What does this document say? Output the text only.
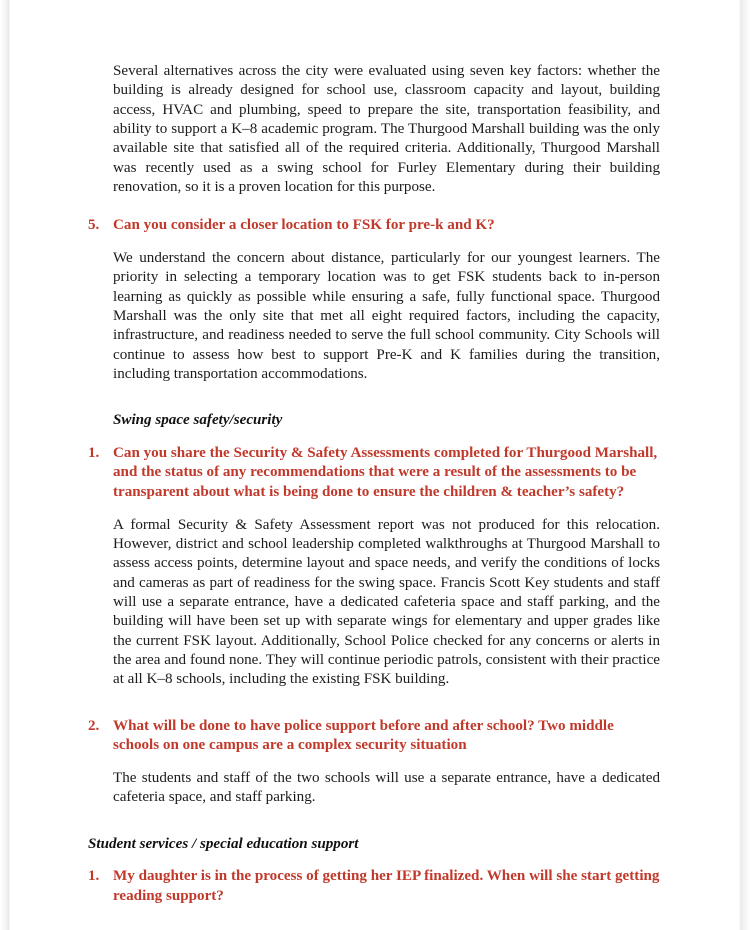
Several alternatives across the city were evaluated using seven key factors: whether the building is already designed for school use, classroom capacity and layout, building access, HVAC and plumbing, speed to prepare the site, transportation feasibility, and ability to support a K–8 academic program. The Thurgood Marshall building was the only available site that satisfied all of the required criteria. Additionally, Thurgood Marshall was recently used as a swing school for Furley Elementary during their building renovation, so it is a proven location for this purpose.

5. Can you consider a closer location to FSK for pre-k and K?

We understand the concern about distance, particularly for our youngest learners. The priority in selecting a temporary location was to get FSK students back to in-person learning as quickly as possible while ensuring a safe, fully functional space. Thurgood Marshall was the only site that met all eight required factors, including the capacity, infrastructure, and readiness needed to serve the full school community. City Schools will continue to assess how best to support Pre-K and K families during the transition, including transportation accommodations.

Swing space safety/security
1. Can you share the Security & Safety Assessments completed for Thurgood Marshall, and the status of any recommendations that were a result of the assessments to be transparent about what is being done to ensure the children & teacher’s safety?

A formal Security & Safety Assessment report was not produced for this relocation. However, district and school leadership completed walkthroughs at Thurgood Marshall to assess access points, determine layout and space needs, and verify the conditions of locks and cameras as part of readiness for the swing space. Francis Scott Key students and staff will use a separate entrance, have a dedicated cafeteria space and staff parking, and the building will have been set up with separate wings for elementary and upper grades like the current FSK layout. Additionally, School Police checked for any concerns or alerts in the area and found none. They will continue periodic patrols, consistent with their practice at all K–8 schools, including the existing FSK building.

2. What will be done to have police support before and after school? Two middle schools on one campus are a complex security situation

The students and staff of the two schools will use a separate entrance, have a dedicated cafeteria space, and staff parking.

Student services / special education support
1. My daughter is in the process of getting her IEP finalized. When will she start getting reading support?
